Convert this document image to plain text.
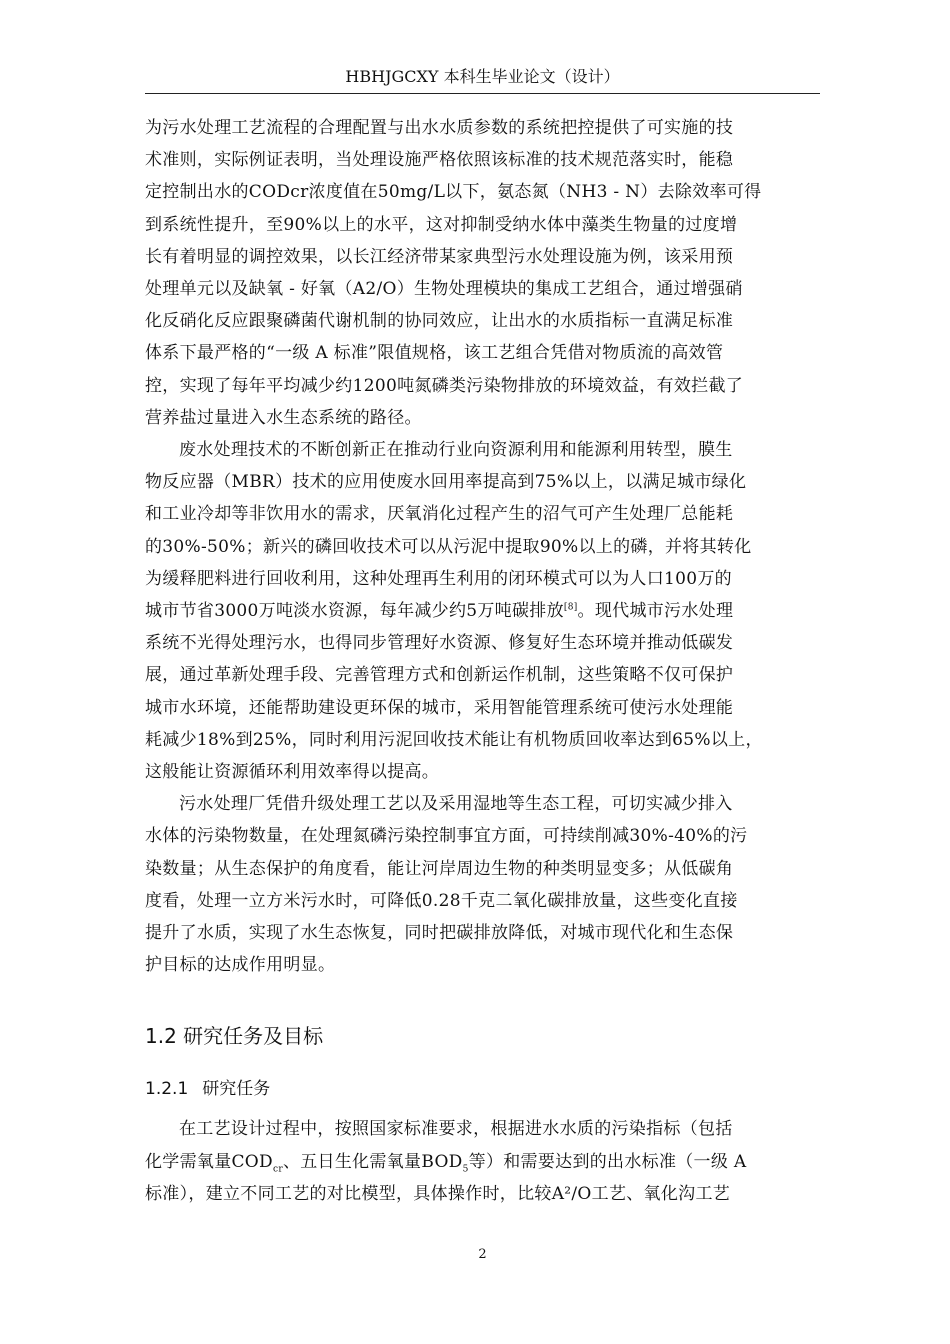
HBHJGCXY 本科生毕业论文（设计）

为污水处理工艺流程的合理配置与出水水质参数的系统把控提供了可实施的技
术准则，实际例证表明，当处理设施严格依照该标准的技术规范落实时，能稳
定控制出水的CODcr浓度值在50mg/L以下，氨态氮（NH3 - N）去除效率可得
到系统性提升，至90%以上的水平，这对抑制受纳水体中藻类生物量的过度增
长有着明显的调控效果，以长江经济带某家典型污水处理设施为例，该采用预
处理单元以及缺氧 - 好氧（A2/O）生物处理模块的集成工艺组合，通过增强硝
化反硝化反应跟聚磷菌代谢机制的协同效应，让出水的水质指标一直满足标准
体系下最严格的“一级 A 标准”限值规格，该工艺组合凭借对物质流的高效管
控，实现了每年平均减少约1200吨氮磷类污染物排放的环境效益，有效拦截了
营养盐过量进入水生态系统的路径。

废水处理技术的不断创新正在推动行业向资源利用和能源利用转型，膜生
物反应器（MBR）技术的应用使废水回用率提高到75%以上，以满足城市绿化
和工业冷却等非饮用水的需求，厌氧消化过程产生的沼气可产生处理厂总能耗
的30%-50%；新兴的磷回收技术可以从污泥中提取90%以上的磷，并将其转化
为缓释肥料进行回收利用，这种处理再生利用的闭环模式可以为人口100万的
城市节省3000万吨淡水资源，每年减少约5万吨碳排放[8]。现代城市污水处理
系统不光得处理污水，也得同步管理好水资源、修复好生态环境并推动低碳发
展，通过革新处理手段、完善管理方式和创新运作机制，这些策略不仅可保护
城市水环境，还能帮助建设更环保的城市，采用智能管理系统可使污水处理能
耗减少18%到25%，同时利用污泥回收技术能让有机物质回收率达到65%以上，
这般能让资源循环利用效率得以提高。

污水处理厂凭借升级处理工艺以及采用湿地等生态工程，可切实减少排入
水体的污染物数量，在处理氮磷污染控制事宜方面，可持续削减30%-40%的污
染数量；从生态保护的角度看，能让河岸周边生物的种类明显变多；从低碳角
度看，处理一立方米污水时，可降低0.28千克二氧化碳排放量，这些变化直接
提升了水质，实现了水生态恢复，同时把碳排放降低，对城市现代化和生态保
护目标的达成作用明显。

1.2 研究任务及目标
1.2.1 研究任务

在工艺设计过程中，按照国家标准要求，根据进水水质的污染指标（包括
化学需氧量$COD_{cr}$、五日生化需氧量$BOD_5$等）和需要达到的出水标准（一级 A
标准），建立不同工艺的对比模型，具体操作时，比较A²/O工艺、氧化沟工艺

2
